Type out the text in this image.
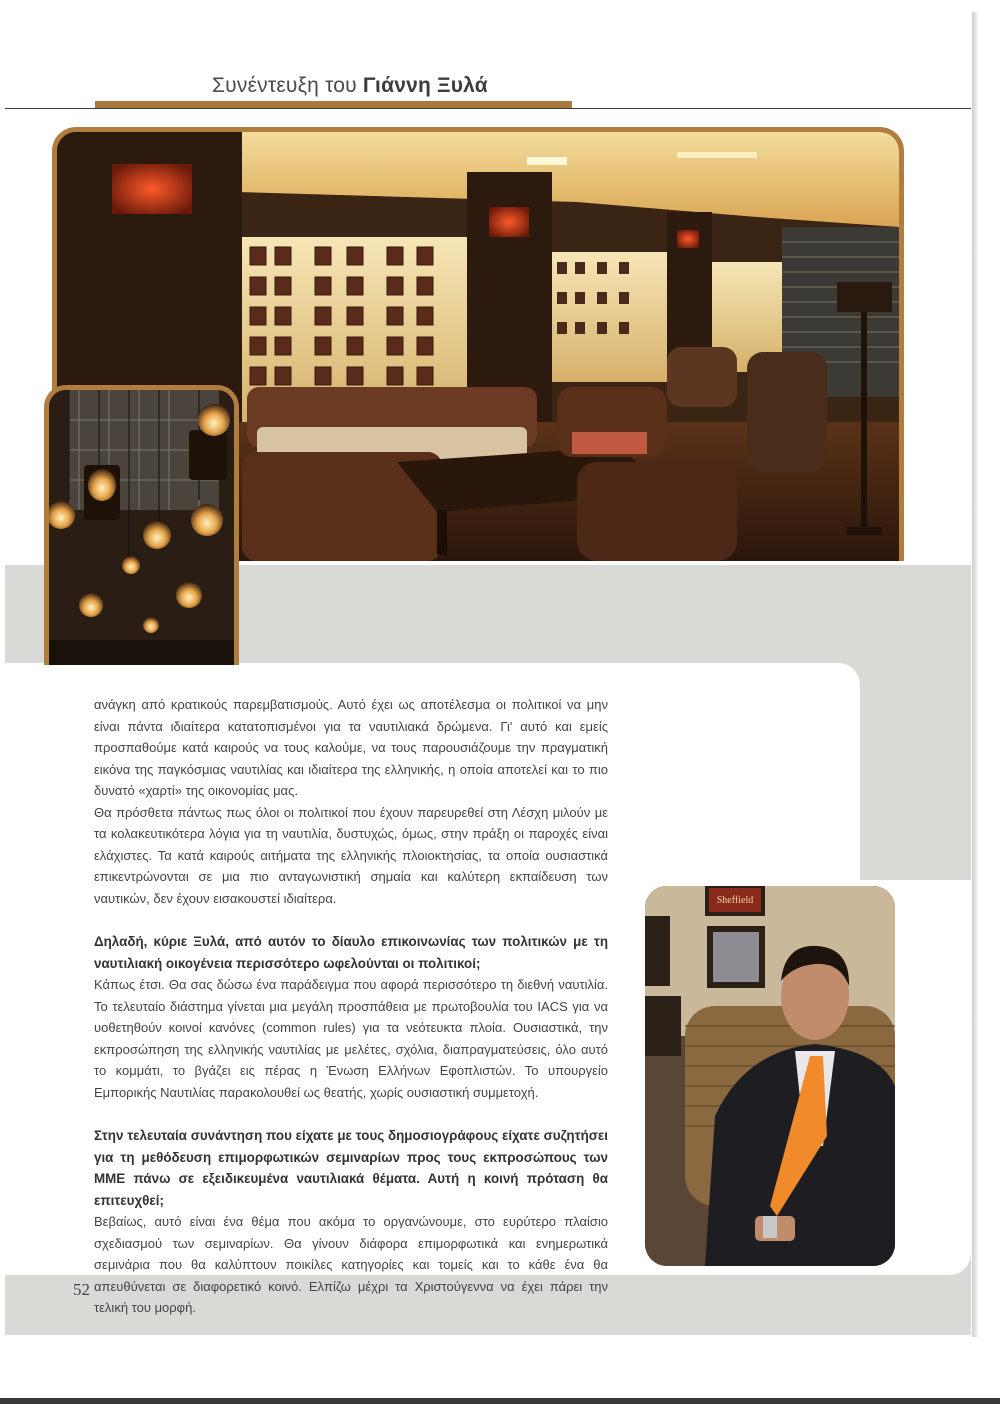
Συνέντευξη του Γιάννη Ξυλά
Sheffield

ανάγκη από κρατικούς παρεμβατισμούς. Αυτό έχει ως αποτέλεσμα οι πολιτικοί να μην είναι πάντα ιδιαίτερα κατατοπισμένοι για τα ναυτιλιακά δρώμενα. Γι' αυτό και εμείς προσπαθούμε κατά καιρούς να τους καλούμε, να τους παρουσιάζουμε την πραγματική εικόνα της παγκόσμιας ναυτιλίας και ιδιαίτερα της ελληνικής, η οποία αποτελεί και το πιο δυνατό «χαρτί» της οικονομίας μας.

Θα πρόσθετα πάντως πως όλοι οι πολιτικοί που έχουν παρευρεθεί στη Λέσχη μιλούν με τα κολακευτικότερα λόγια για τη ναυτιλία, δυστυχώς, όμως, στην πράξη οι παροχές είναι ελάχιστες. Τα κατά καιρούς αιτήματα της ελληνικής πλοιοκτησίας, τα οποία ουσιαστικά επικεντρώνονται σε μια πιο ανταγωνιστική σημαία και καλύτερη εκπαίδευση των ναυτικών, δεν έχουν εισακουστεί ιδιαίτερα.

Δηλαδή, κύριε Ξυλά, από αυτόν το δίαυλο επικοινωνίας των πολιτικών με τη ναυτιλιακή οικογένεια περισσότερο ωφελούνται οι πολιτικοί;

Κάπως έτσι. Θα σας δώσω ένα παράδειγμα που αφορά περισσότερο τη διεθνή ναυτιλία. Το τελευταίο διάστημα γίνεται μια μεγάλη προσπάθεια με πρωτοβουλία του IACS για να υοθετηθούν κοινοί κανόνες (common rules) για τα νεότευκτα πλοία. Ουσιαστικά, την εκπροσώπηση της ελληνικής ναυτιλίας με μελέτες, σχόλια, διαπραγματεύσεις, όλο αυτό το κομμάτι, το βγάζει εις πέρας η Ένωση Ελλήνων Εφοπλιστών. Το υπουργείο Εμπορικής Ναυτιλίας παρακολουθεί ως θεατής, χωρίς ουσιαστική συμμετοχή.

Στην τελευταία συνάντηση που είχατε με τους δημοσιογράφους είχατε συζητήσει για τη μεθόδευση επιμορφωτικών σεμιναρίων προς τους εκπροσώπους των ΜΜΕ πάνω σε εξειδικευμένα ναυτιλιακά θέματα. Αυτή η κοινή πρόταση θα επιτευχθεί;

Βεβαίως, αυτό είναι ένα θέμα που ακόμα το οργανώνουμε, στο ευρύτερο πλαίσιο σχεδιασμού των σεμιναρίων. Θα γίνουν διάφορα επιμορφωτικά και ενημερωτικά σεμινάρια που θα καλύπτουν ποικίλες κατηγορίες και τομείς και το κάθε ένα θα απευθύνεται σε διαφορετικό κοινό. Ελπίζω μέχρι τα Χριστούγεννα να έχει πάρει την τελική του μορφή.

52
